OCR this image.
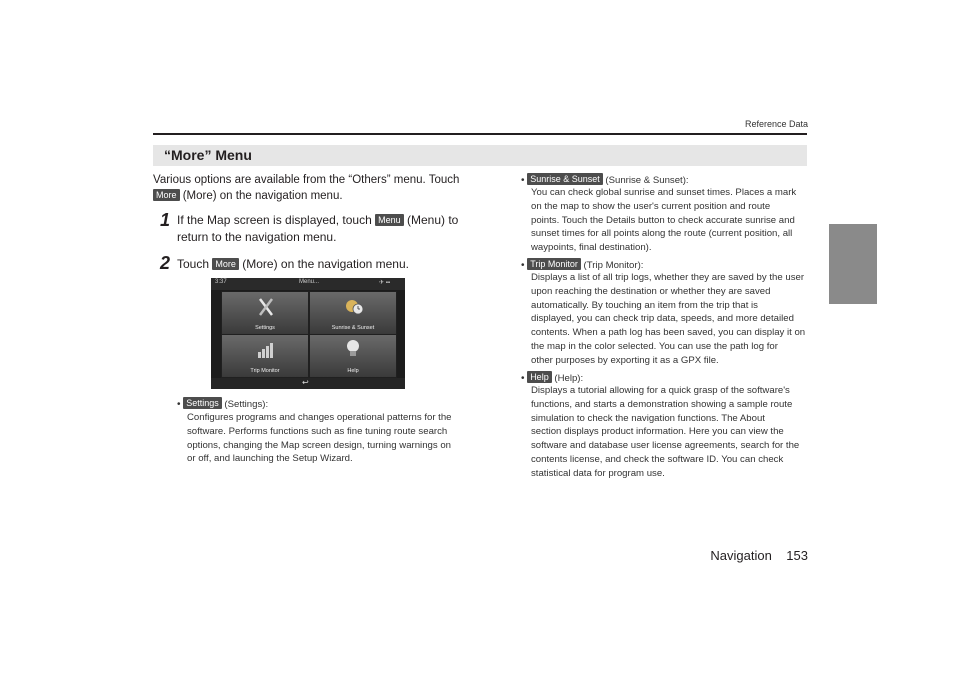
Reference Data
“More” Menu
Various options are available from the “Others” menu. Touch
More (More) on the navigation menu.
1 If the Map screen is displayed, touch Menu (Menu) to
return to the navigation menu.
2 Touch More (More) on the navigation menu.
3:37	Menu...	✈ ▪▪
Settings	Sunrise & Sunset
Trip Monitor	Help
↩
• Settings (Settings):
Configures programs and changes operational patterns for the
software. Performs functions such as fine tuning route search
options, changing the Map screen design, turning warnings on
or off, and launching the Setup Wizard.
• Sunrise & Sunset (Sunrise & Sunset):
You can check global sunrise and sunset times. Places a mark
on the map to show the user's current position and route
points. Touch the Details button to check accurate sunrise and
sunset times for all points along the route (current position, all
waypoints, final destination).
• Trip Monitor (Trip Monitor):
Displays a list of all trip logs, whether they are saved by the user
upon reaching the destination or whether they are saved
automatically. By touching an item from the trip that is
displayed, you can check trip data, speeds, and more detailed
contents. When a path log has been saved, you can display it on
the map in the color selected. You can use the path log for
other purposes by exporting it as a GPX file.
• Help (Help):
Displays a tutorial allowing for a quick grasp of the software's
functions, and starts a demonstration showing a sample route
simulation to check the navigation functions. The About
section displays product information. Here you can view the
software and database user license agreements, search for the
contents license, and check the software ID. You can check
statistical data for program use.
Navigation 153
